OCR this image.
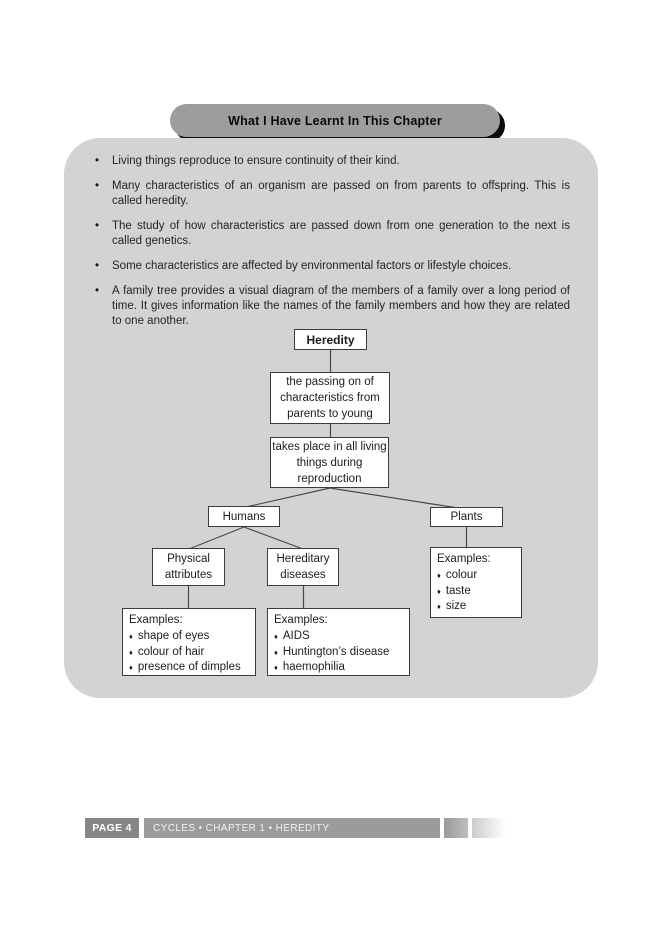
What I Have Learnt In This Chapter
•	Living things reproduce to ensure continuity of their kind.
•	Many characteristics of an organism are passed on from parents to offspring. This is called heredity.
•	The study of how characteristics are passed down from one generation to the next is called genetics.
•	Some characteristics are affected by environmental factors or lifestyle choices.
•	A family tree provides a visual diagram of the members of a family over a long period of time. It gives information like the names of the family members and how they are related to one another.
Heredity
the passing on of characteristics from parents to young
takes place in all living things during reproduction
Humans	Plants
Physical attributes
Hereditary diseases
Examples:
♦ colour
♦ taste
♦ size
Examples:
♦ shape of eyes
♦ colour of hair
♦ presence of dimples
Examples:
♦ AIDS
♦ Huntington’s disease
♦ haemophilia
PAGE 4	CYCLES • CHAPTER 1 • HEREDITY
